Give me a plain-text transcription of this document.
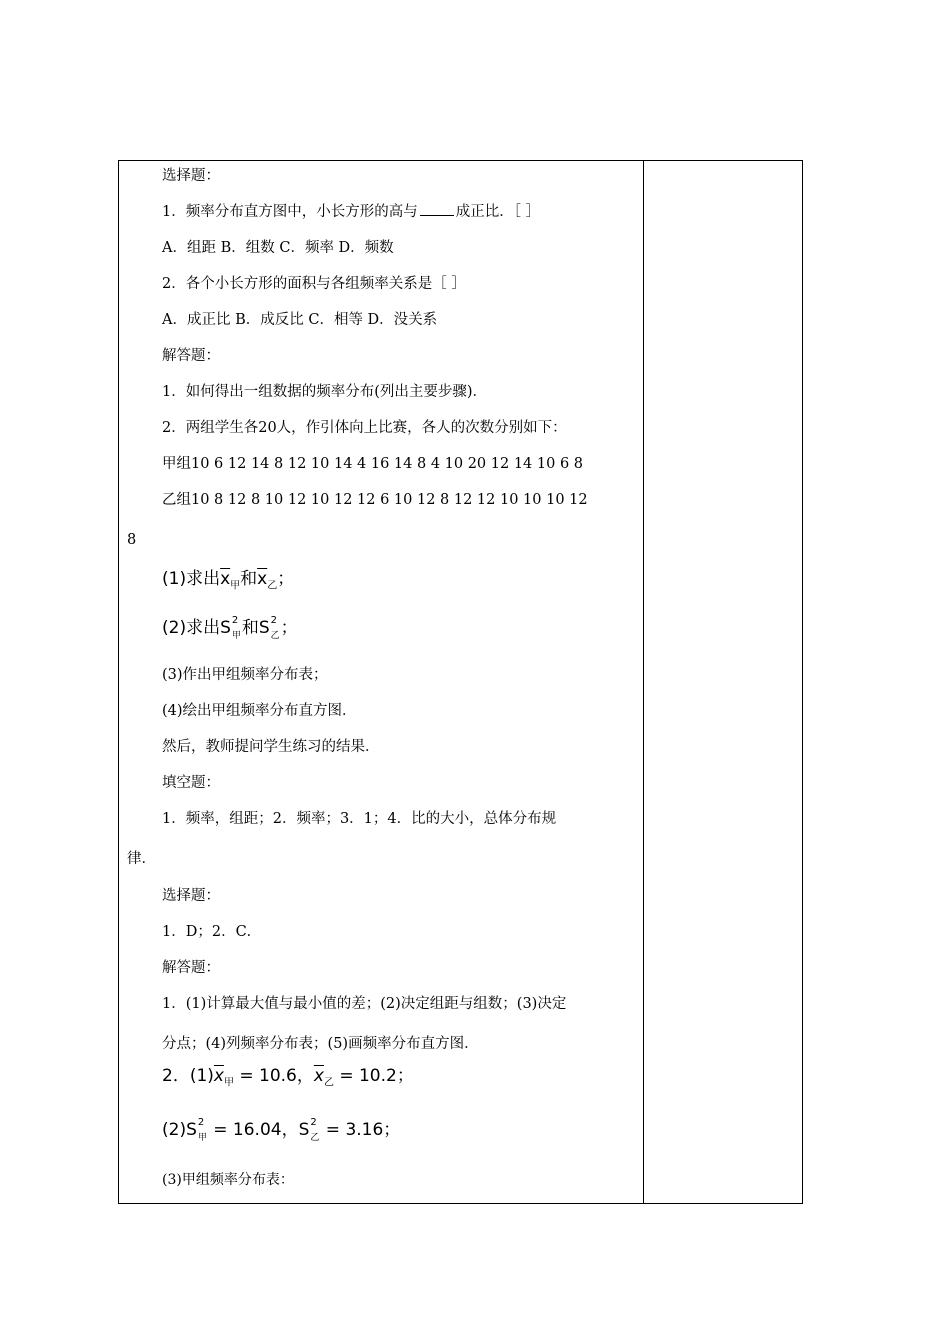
选择题：
1．频率分布直方图中，小长方形的高与	成正比．［ ］
A．组距 B．组数 C．频率 D．频数
2．各个小长方形的面积与各组频率关系是［ ］
A．成正比 B．成反比 C．相等 D．没关系
解答题：
1．如何得出一组数据的频率分布(列出主要步骤)．
2．两组学生各20人，作引体向上比赛，各人的次数分别如下：
甲组10 6 12 14 8 12 10 14 4 16 14 8 4 10 20 12 14 10 6 8
乙组10 8 12 8 10 12 10 12 12 6 10 12 8 12 12 10 10 10 12
8
(1)求出$\overline{x}_甲$和$\overline{x}_乙$；
(2)求出S 2
甲 和S 2
乙 ；
(3)作出甲组频率分布表；
(4)绘出甲组频率分布直方图．
然后，教师提问学生练习的结果．
填空题：
1．频率，组距；2．频率；3．1；4．比的大小，总体分布规
律．
选择题：
1．D；2．C．
解答题：
1．(1)计算最大值与最小值的差；(2)决定组距与组数；(3)决定
分点；(4)列频率分布表；(5)画频率分布直方图．
2．$(1)\overline{x}_甲 = 10.6$，$\overline{x}_乙 = 10.2$；
(2)S 2
甲 = 16.04，S 2
乙 = 3.16；
(3)甲组频率分布表：
